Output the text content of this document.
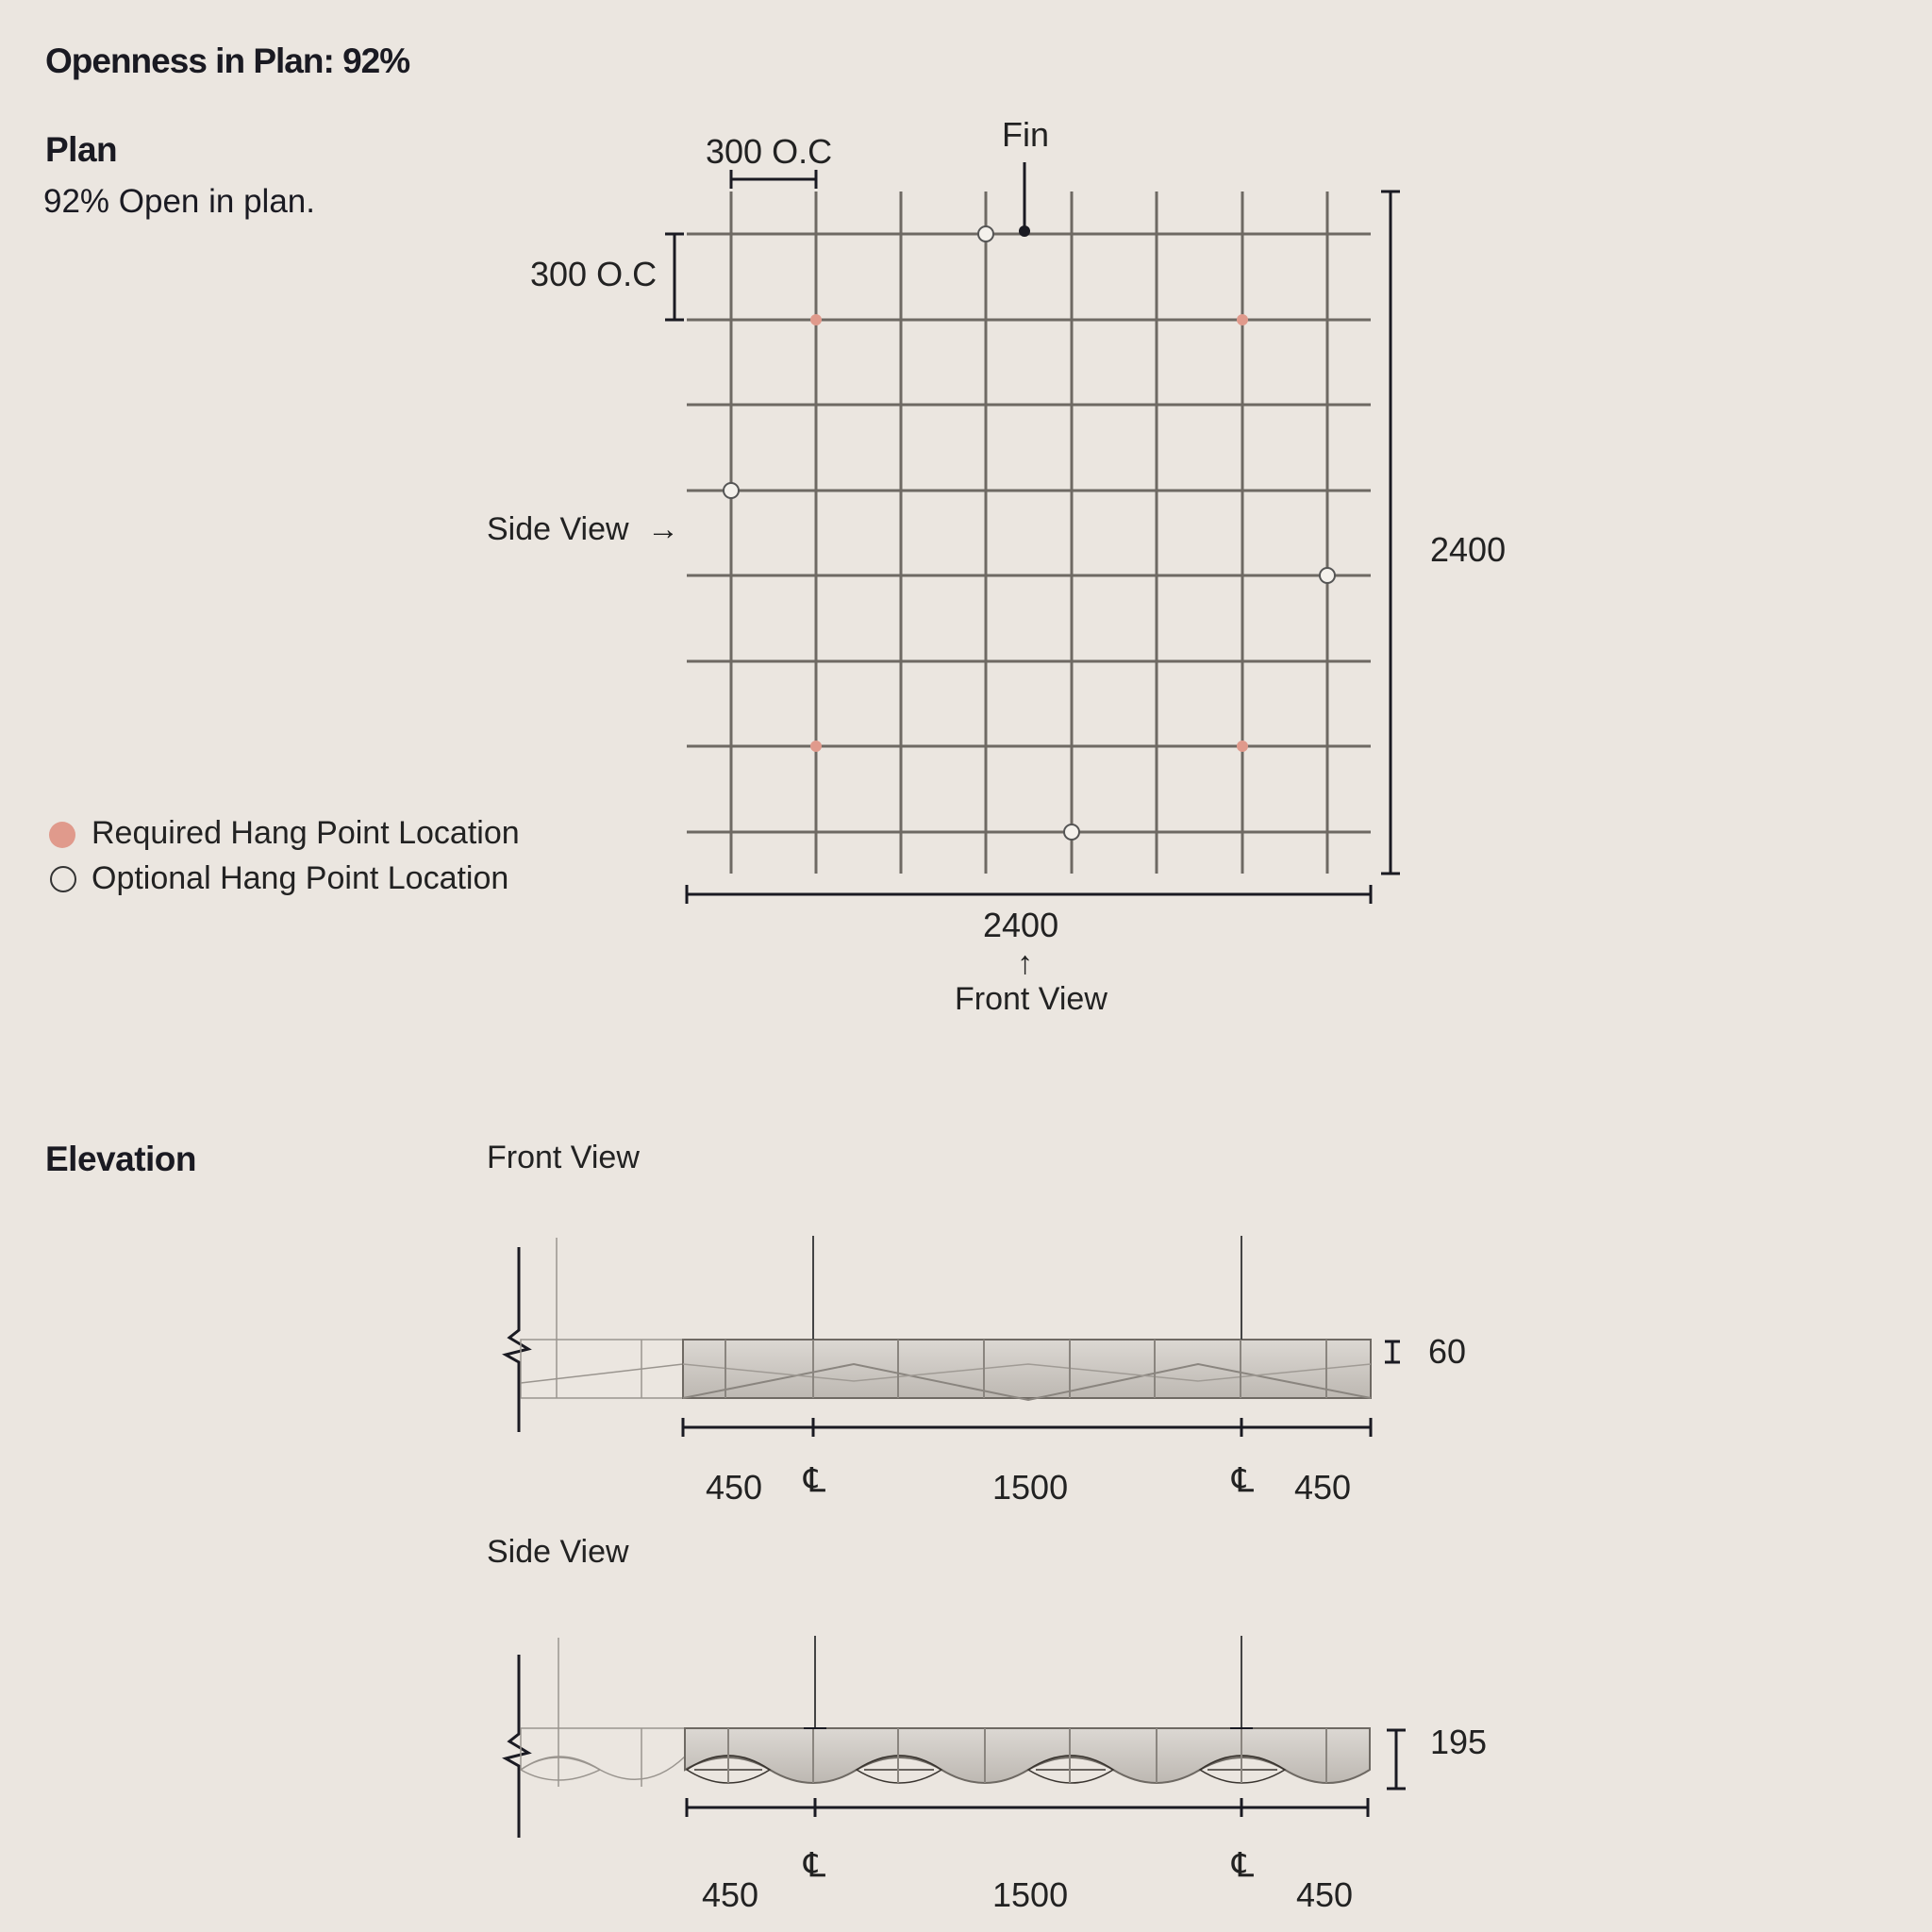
Openness in Plan: 92%
Plan
92% Open in plan.
300 O.C	Fin
300 O.C
Side View →
2400
2400
↑
Front View
Required Hang Point Location
Optional Hang Point Location
Elevation	Front View
60
450	1500	450
℄	℄
Side View
195
450	1500	450
℄	℄
